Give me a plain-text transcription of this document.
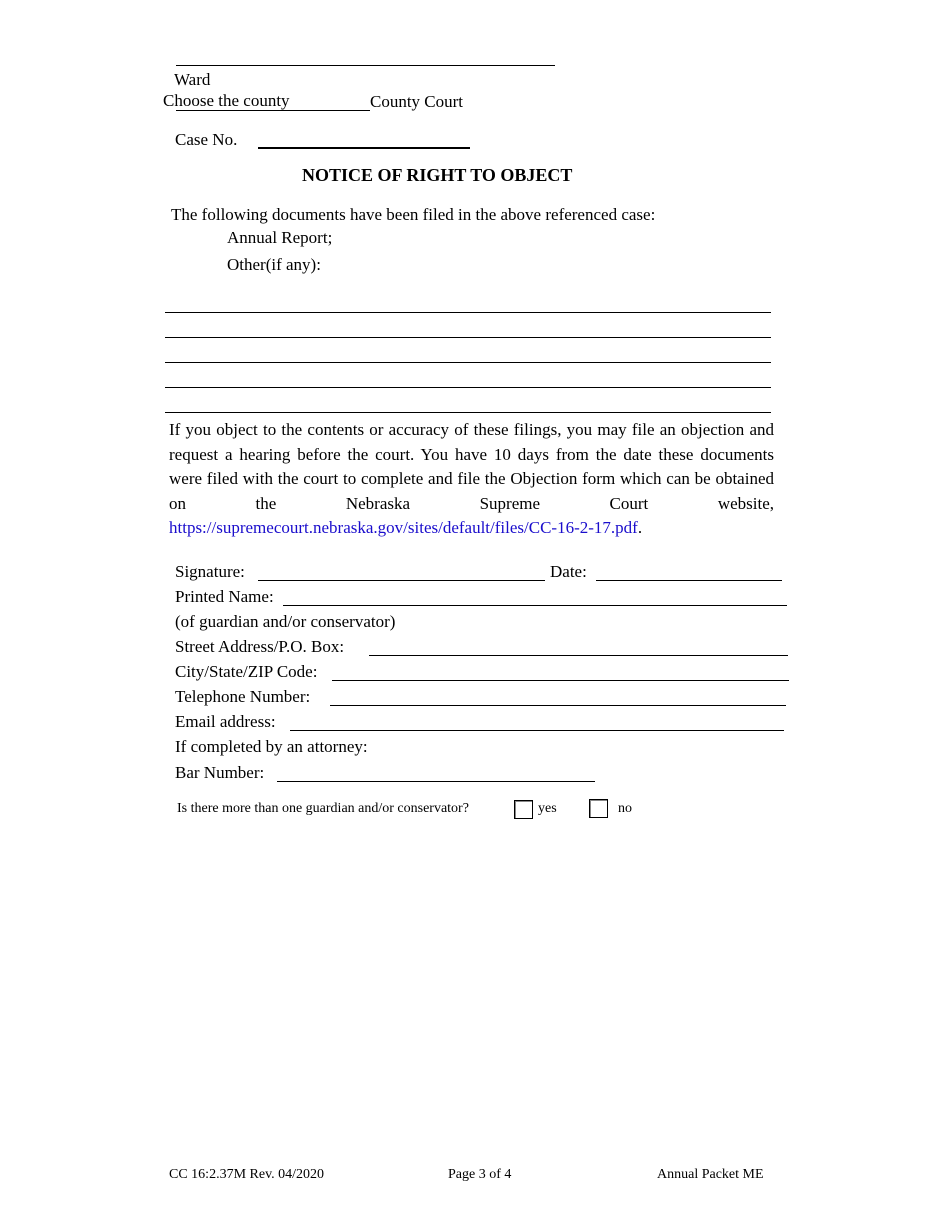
Ward
Choose the county	County Court
Case No.
NOTICE OF RIGHT TO OBJECT
The following documents have been filed in the above referenced case:
Annual Report;
Other(if any):
If you object to the contents or accuracy of these filings, you may file an objection and request a hearing before the court. You have 10 days from the date these documents were filed with the court to complete and file the Objection form which can be obtained on the Nebraska Supreme Court website, https://supremecourt.nebraska.gov/sites/default/files/CC-16-2-17.pdf.
Signature:	Date:
Printed Name:
(of guardian and/or conservator)
Street Address/P.O. Box:
City/State/ZIP Code:
Telephone Number:
Email address:
If completed by an attorney:
Bar Number:
Is there more than one guardian and/or conservator?	yes	no
CC 16:2.37M Rev. 04/2020	Page 3 of 4	Annual Packet ME
